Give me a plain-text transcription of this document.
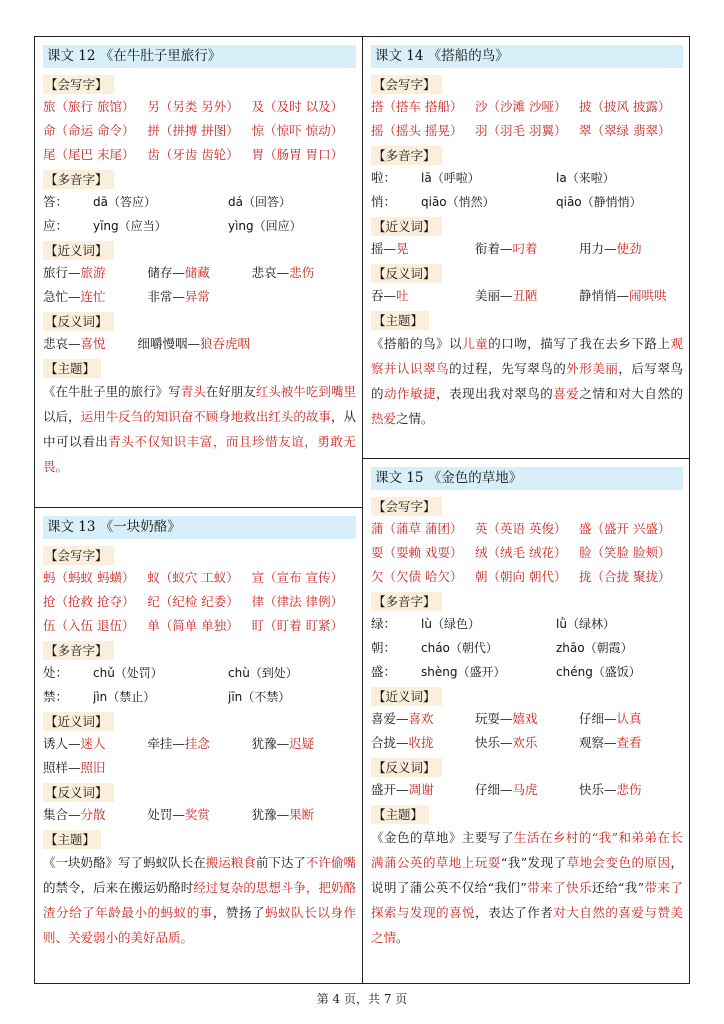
课文 12 《在牛肚子里旅行》
【会写字】
旅（旅行 旅馆）	另（另类 另外）	及（及时 以及）
命（命运 命令）	拼（拼搏 拼图）	惊（惊吓 惊动）
尾（尾巴 末尾）	齿（牙齿 齿轮）	胃（肠胃 胃口）
【多音字】
答：	dā（答应）	dá（回答）
应：	yīng（应当）	yìng（回应）
【近义词】
旅行—旅游	储存—储藏	悲哀—悲伤
急忙—连忙	非常—异常
【反义词】
悲哀—喜悦	细嚼慢咽—狼吞虎咽
【主题】

《在牛肚子里的旅行》写青头在好朋友红头被牛吃到嘴里以后，运用牛反刍的知识奋不顾身地救出红头的故事，从中可以看出青头不仅知识丰富，而且珍惜友谊，勇敢无畏。

课文 13 《一块奶酪》
【会写字】
蚂（蚂蚁 蚂蟥）	蚁（蚁穴 工蚁）	宣（宣布 宣传）
抢（抢救 抢夺）	纪（纪检 纪委）	律（律法 律例）
伍（入伍 退伍）	单（简单 单独）	盯（盯着 盯紧）
【多音字】
处：	chǔ（处罚）	chù（到处）
禁：	jìn（禁止）	jīn（不禁）
【近义词】
诱人—迷人	牵挂—挂念	犹豫—迟疑
照样—照旧
【反义词】
集合—分散	处罚—奖赏	犹豫—果断
【主题】

《一块奶酪》写了蚂蚁队长在搬运粮食前下达了不许偷嘴的禁令，后来在搬运奶酪时经过复杂的思想斗争，把奶酪渣分给了年龄最小的蚂蚁的事，赞扬了蚂蚁队长以身作则、关爱弱小的美好品质。

课文 14 《搭船的鸟》
【会写字】
搭（搭车 搭船）	沙（沙滩 沙哑）	披（披风 披露）
摇（摇头 摇晃）	羽（羽毛 羽翼）	翠（翠绿 翡翠）
【多音字】
啦：	lā（呼啦）	la（来啦）
悄：	qiāo（悄然）	qiāo（静悄悄）
【近义词】
摇—晃	衔着—叼着	用力—使劲
【反义词】
吞—吐	美丽—丑陋	静悄悄—闹哄哄
【主题】

《搭船的鸟》以儿童的口吻，描写了我在去乡下路上观察并认识翠鸟的过程，先写翠鸟的外形美丽，后写翠鸟的动作敏捷，表现出我对翠鸟的喜爱之情和对大自然的热爱之情。

课文 15 《金色的草地》
【会写字】
蒲（蒲草 蒲团）	英（英语 英俊）	盛（盛开 兴盛）
耍（耍赖 戏耍）	绒（绒毛 绒花）	脸（笑脸 脸颊）
欠（欠债 哈欠）	朝（朝向 朝代）	拢（合拢 聚拢）
【多音字】
绿：	lù（绿色）	lǜ（绿林）
朝：	cháo（朝代）	zhāo（朝霞）
盛：	shèng（盛开）	chéng（盛饭）
【近义词】
喜爱—喜欢	玩耍—嬉戏	仔细—认真
合拢—收拢	快乐—欢乐	观察—查看
【反义词】
盛开—凋谢	仔细—马虎	快乐—悲伤
【主题】

《金色的草地》主要写了生活在乡村的“我”和弟弟在长满蒲公英的草地上玩耍“我”发现了草地会变色的原因，说明了蒲公英不仅给“我们”带来了快乐还给“我”带来了探索与发现的喜悦，表达了作者对大自然的喜爱与赞美之情。

第 4 页，共 7 页
